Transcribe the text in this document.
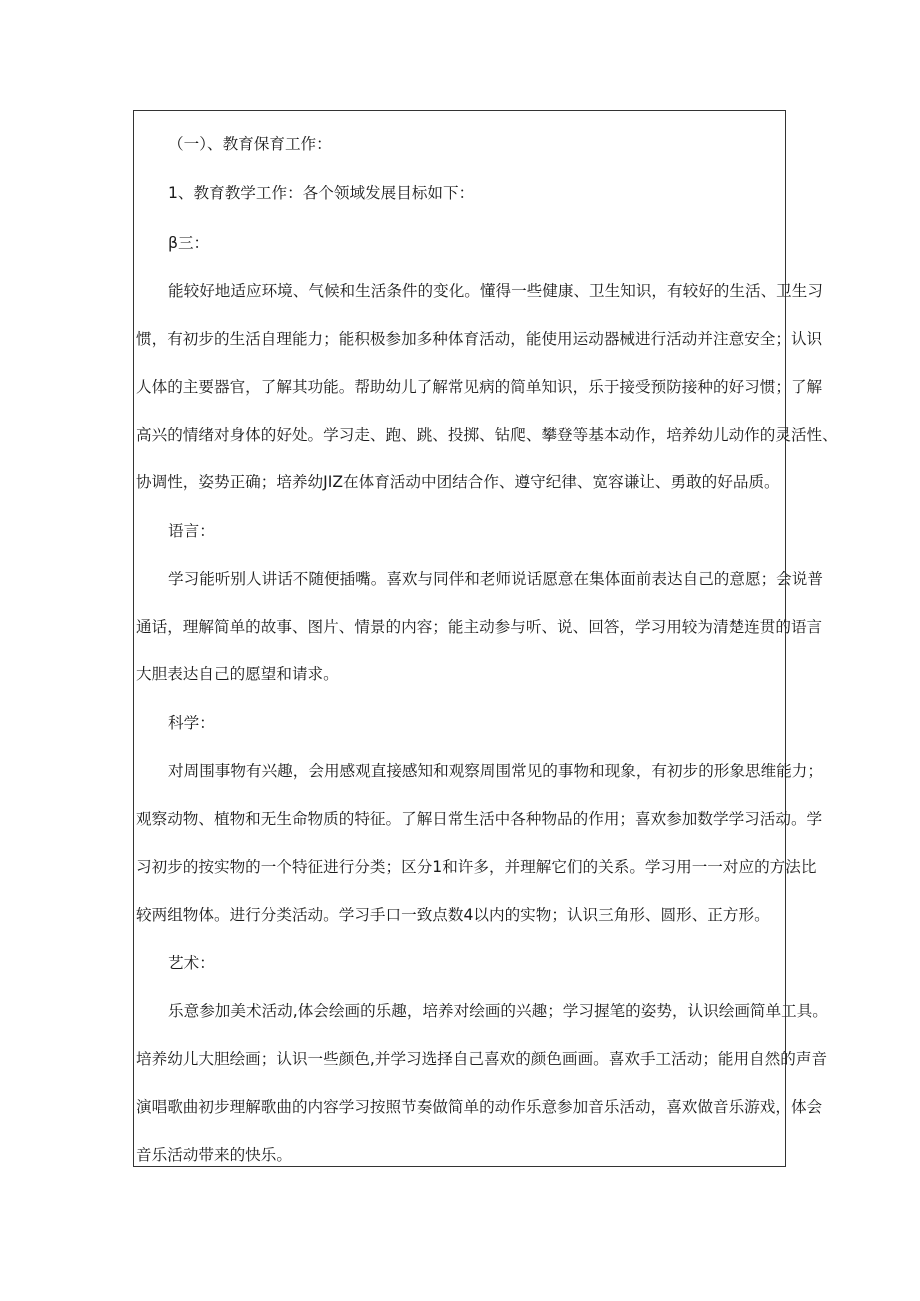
（一）、教育保育工作：
1、教育教学工作：各个领域发展目标如下：
β三：
能较好地适应环境、气候和生活条件的变化。懂得一些健康、卫生知识，有较好的生活、卫生习
惯，有初步的生活自理能力；能积极参加多种体育活动，能使用运动器械进行活动并注意安全；认识
人体的主要器官，了解其功能。帮助幼儿了解常见病的简单知识，乐于接受预防接种的好习惯；了解
高兴的情绪对身体的好处。学习走、跑、跳、投掷、钻爬、攀登等基本动作，培养幼儿动作的灵活性、
协调性，姿势正确；培养幼JIZ在体育活动中团结合作、遵守纪律、宽容谦让、勇敢的好品质。
语言：
学习能听别人讲话不随便插嘴。喜欢与同伴和老师说话愿意在集体面前表达自己的意愿；会说普
通话，理解简单的故事、图片、情景的内容；能主动参与听、说、回答，学习用较为清楚连贯的语言
大胆表达自己的愿望和请求。
科学：
对周围事物有兴趣，会用感观直接感知和观察周围常见的事物和现象，有初步的形象思维能力；
观察动物、植物和无生命物质的特征。了解日常生活中各种物品的作用；喜欢参加数学学习活动。学
习初步的按实物的一个特征进行分类；区分1和许多，并理解它们的关系。学习用一一对应的方法比
较两组物体。进行分类活动。学习手口一致点数4以内的实物；认识三角形、圆形、正方形。
艺术：
乐意参加美术活动,体会绘画的乐趣，培养对绘画的兴趣；学习握笔的姿势，认识绘画简单工具。
培养幼儿大胆绘画；认识一些颜色,并学习选择自己喜欢的颜色画画。喜欢手工活动；能用自然的声音
演唱歌曲初步理解歌曲的内容学习按照节奏做简单的动作乐意参加音乐活动，喜欢做音乐游戏，体会
音乐活动带来的快乐。
